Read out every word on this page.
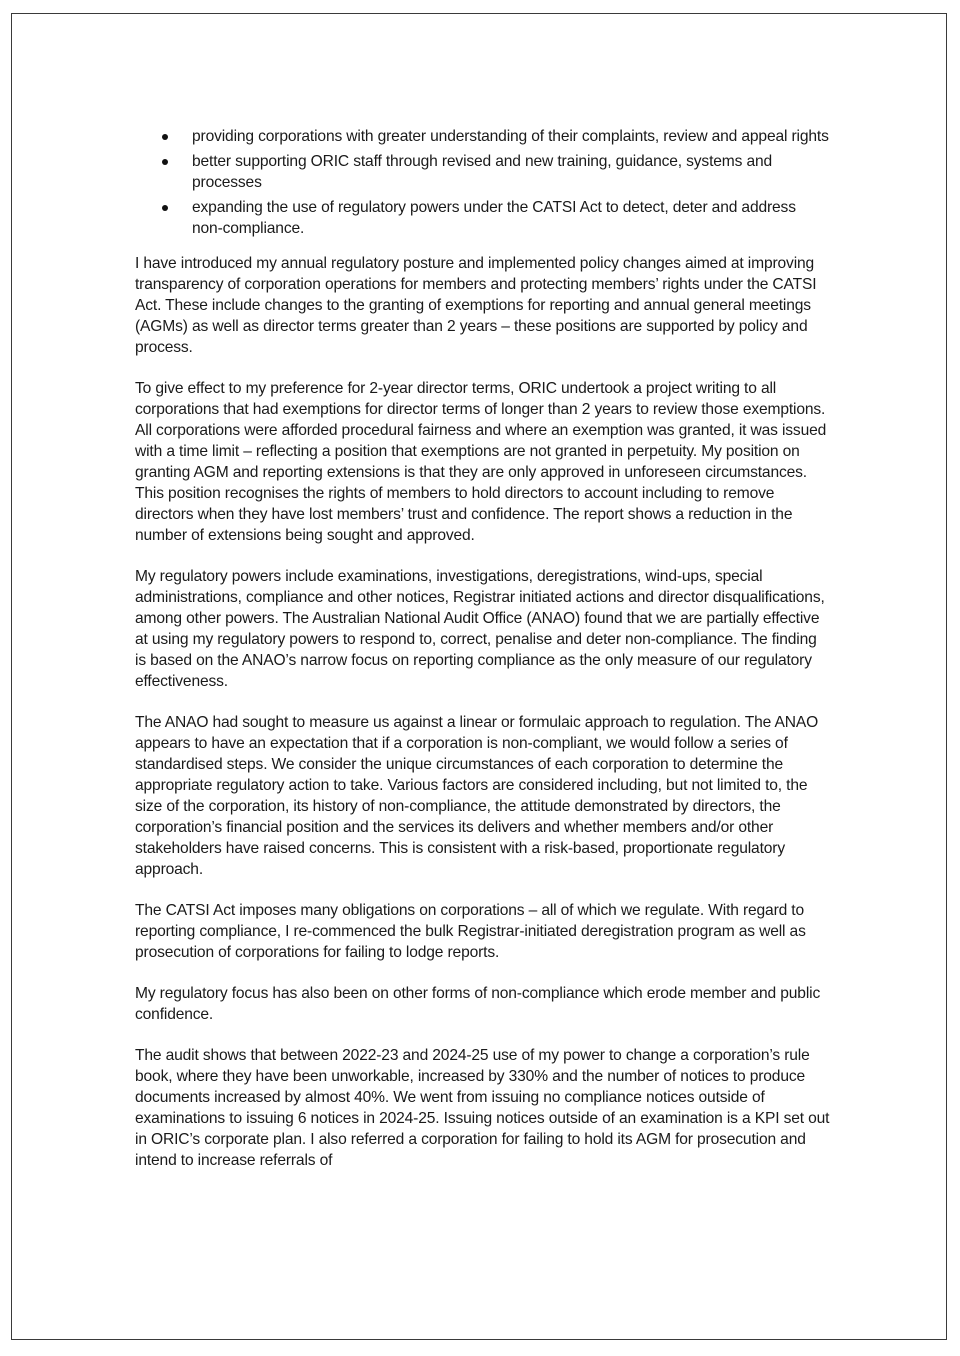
providing corporations with greater understanding of their complaints, review and appeal rights
better supporting ORIC staff through revised and new training, guidance, systems and processes
expanding the use of regulatory powers under the CATSI Act to detect, deter and address non-compliance.

I have introduced my annual regulatory posture and implemented policy changes aimed at improving transparency of corporation operations for members and protecting members’ rights under the CATSI Act. These include changes to the granting of exemptions for reporting and annual general meetings (AGMs) as well as director terms greater than 2 years – these positions are supported by policy and process.

To give effect to my preference for 2-year director terms, ORIC undertook a project writing to all corporations that had exemptions for director terms of longer than 2 years to review those exemptions. All corporations were afforded procedural fairness and where an exemption was granted, it was issued with a time limit – reflecting a position that exemptions are not granted in perpetuity. My position on granting AGM and reporting extensions is that they are only approved in unforeseen circumstances. This position recognises the rights of members to hold directors to account including to remove directors when they have lost members’ trust and confidence. The report shows a reduction in the number of extensions being sought and approved.

My regulatory powers include examinations, investigations, deregistrations, wind-ups, special administrations, compliance and other notices, Registrar initiated actions and director disqualifications, among other powers. The Australian National Audit Office (ANAO) found that we are partially effective at using my regulatory powers to respond to, correct, penalise and deter non-compliance. The finding is based on the ANAO’s narrow focus on reporting compliance as the only measure of our regulatory effectiveness.

The ANAO had sought to measure us against a linear or formulaic approach to regulation. The ANAO appears to have an expectation that if a corporation is non-compliant, we would follow a series of standardised steps. We consider the unique circumstances of each corporation to determine the appropriate regulatory action to take. Various factors are considered including, but not limited to, the size of the corporation, its history of non-compliance, the attitude demonstrated by directors, the corporation’s financial position and the services its delivers and whether members and/or other stakeholders have raised concerns. This is consistent with a risk-based, proportionate regulatory approach.

The CATSI Act imposes many obligations on corporations – all of which we regulate. With regard to reporting compliance, I re-commenced the bulk Registrar-initiated deregistration program as well as prosecution of corporations for failing to lodge reports.

My regulatory focus has also been on other forms of non-compliance which erode member and public confidence.

The audit shows that between 2022-23 and 2024-25 use of my power to change a corporation’s rule book, where they have been unworkable, increased by 330% and the number of notices to produce documents increased by almost 40%. We went from issuing no compliance notices outside of examinations to issuing 6 notices in 2024-25. Issuing notices outside of an examination is a KPI set out in ORIC’s corporate plan. I also referred a corporation for failing to hold its AGM for prosecution and intend to increase referrals of
